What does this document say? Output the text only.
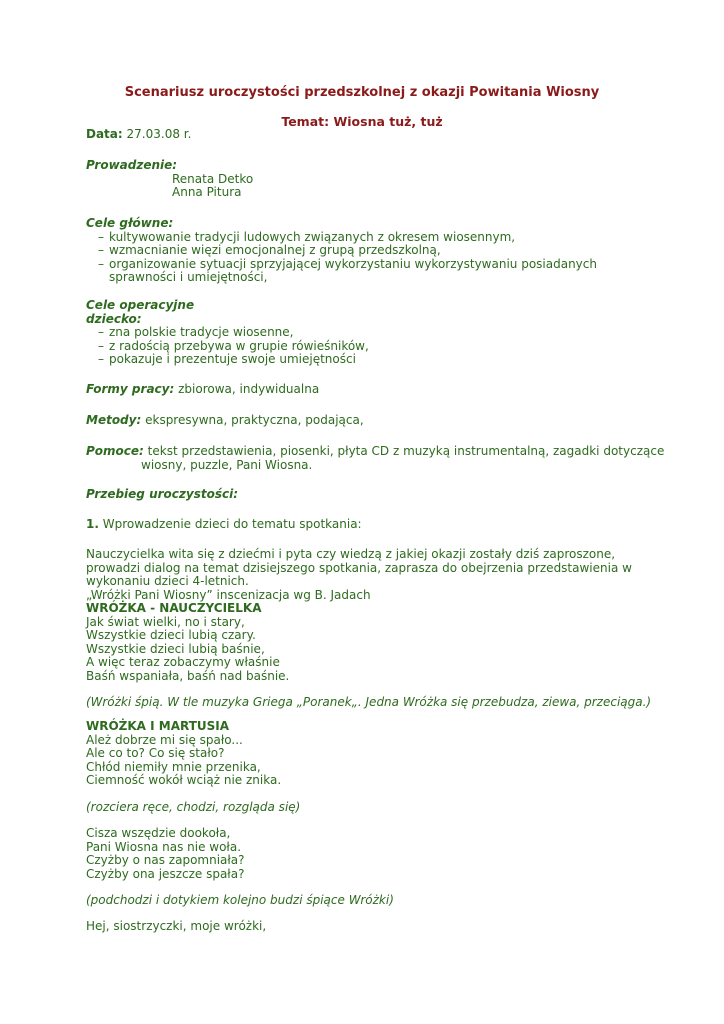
Scenariusz uroczystości przedszkolnej z okazji Powitania Wiosny
Temat: Wiosna tuż, tuż
Data: 27.03.08 r.
Prowadzenie:
Renata Detko
Anna Pitura
Cele główne:
– kultywowanie tradycji ludowych związanych z okresem wiosennym,
– wzmacnianie więzi emocjonalnej z grupą przedszkolną,
– organizowanie sytuacji sprzyjającej wykorzystaniu wykorzystywaniu posiadanych sprawności i umiejętności,
Cele operacyjne
dziecko:
– zna polskie tradycje wiosenne,
– z radością przebywa w grupie rówieśników,
– pokazuje i prezentuje swoje umiejętności
Formy pracy: zbiorowa, indywidualna
Metody: ekspresywna, praktyczna, podająca,
Pomoce: tekst przedstawienia, piosenki, płyta CD z muzyką instrumentalną, zagadki dotyczące wiosny, puzzle, Pani Wiosna.
Przebieg uroczystości:
1. Wprowadzenie dzieci do tematu spotkania:
Nauczycielka wita się z dziećmi i pyta czy wiedzą z jakiej okazji zostały dziś zaproszone, prowadzi dialog na temat dzisiejszego spotkania, zaprasza do obejrzenia przedstawienia w wykonaniu dzieci 4-letnich.
„Wróżki Pani Wiosny” inscenizacja wg B. Jadach
WRÓŻKA - NAUCZYCIELKA
Jak świat wielki, no i stary,
Wszystkie dzieci lubią czary.
Wszystkie dzieci lubią baśnie,
A więc teraz zobaczymy właśnie
Baśń wspaniała, baśń nad baśnie.
(Wróżki śpią. W tle muzyka Griega „Poranek„. Jedna Wróżka się przebudza, ziewa, przeciąga.)
WRÓŻKA I MARTUSIA
Ależ dobrze mi się spało...
Ale co to? Co się stało?
Chłód niemiły mnie przenika,
Ciemność wokół wciąż nie znika.
(rozciera ręce, chodzi, rozgląda się)
Cisza wszędzie dookoła,
Pani Wiosna nas nie woła.
Czyżby o nas zapomniała?
Czyżby ona jeszcze spała?
(podchodzi i dotykiem kolejno budzi śpiące Wróżki)
Hej, siostrzyczki, moje wróżki,
